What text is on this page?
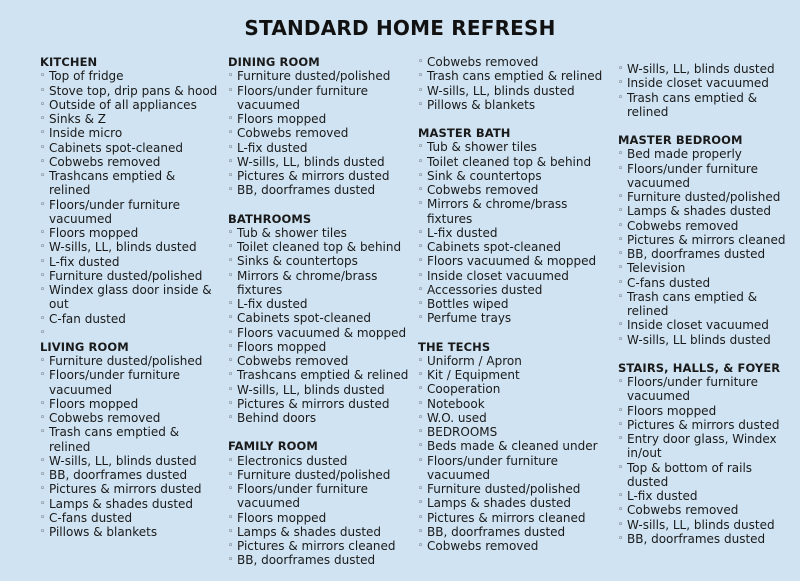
STANDARD HOME REFRESH
KITCHEN
◦ Top of fridge
◦ Stove top, drip pans & hood
◦ Outside of all appliances
◦ Sinks & Z
◦ Inside micro
◦ Cabinets spot-cleaned
◦ Cobwebs removed
◦ Trashcans emptied & relined
◦ Floors/under furniture vacuumed
◦ Floors mopped
◦ W-sills, LL, blinds dusted
◦ L-fix dusted
◦ Furniture dusted/polished
◦ Windex glass door inside & out
◦ C-fan dusted
◦
LIVING ROOM
◦ Furniture dusted/polished
◦ Floors/under furniture vacuumed
◦ Floors mopped
◦ Cobwebs removed
◦ Trash cans emptied & relined
◦ W-sills, LL, blinds dusted
◦ BB, doorframes dusted
◦ Pictures & mirrors dusted
◦ Lamps & shades dusted
◦ C-fans dusted
◦ Pillows & blankets
DINING ROOM
◦ Furniture dusted/polished
◦ Floors/under furniture vacuumed
◦ Floors mopped
◦ Cobwebs removed
◦ L-fix dusted
◦ W-sills, LL, blinds dusted
◦ Pictures & mirrors dusted
◦ BB, doorframes dusted
BATHROOMS
◦ Tub & shower tiles
◦ Toilet cleaned top & behind
◦ Sinks & countertops
◦ Mirrors & chrome/brass fixtures
◦ L-fix dusted
◦ Cabinets spot-cleaned
◦ Floors vacuumed & mopped
◦ Floors mopped
◦ Cobwebs removed
◦ Trashcans emptied & relined
◦ W-sills, LL, blinds dusted
◦ Pictures & mirrors dusted
◦ Behind doors
FAMILY ROOM
◦ Electronics dusted
◦ Furniture dusted/polished
◦ Floors/under furniture vacuumed
◦ Floors mopped
◦ Lamps & shades dusted
◦ Pictures & mirrors cleaned
◦ BB, doorframes dusted
◦ Cobwebs removed
◦ Trash cans emptied & relined
◦ W-sills, LL, blinds dusted
◦ Pillows & blankets
MASTER BATH
◦ Tub & shower tiles
◦ Toilet cleaned top & behind
◦ Sink & countertops
◦ Cobwebs removed
◦ Mirrors & chrome/brass fixtures
◦ L-fix dusted
◦ Cabinets spot-cleaned
◦ Floors vacuumed & mopped
◦ Inside closet vacuumed
◦ Accessories dusted
◦ Bottles wiped
◦ Perfume trays
THE TECHS
◦ Uniform / Apron
◦ Kit / Equipment
◦ Cooperation
◦ Notebook
◦ W.O. used
◦ BEDROOMS
◦ Beds made & cleaned under
◦ Floors/under furniture vacuumed
◦ Furniture dusted/polished
◦ Lamps & shades dusted
◦ Pictures & mirrors cleaned
◦ BB, doorframes dusted
◦ Cobwebs removed
◦ W-sills, LL, blinds dusted
◦ Inside closet vacuumed
◦ Trash cans emptied & relined
MASTER BEDROOM
◦ Bed made properly
◦ Floors/under furniture vacuumed
◦ Furniture dusted/polished
◦ Lamps & shades dusted
◦ Cobwebs removed
◦ Pictures & mirrors cleaned
◦ BB, doorframes dusted
◦ Television
◦ C-fans dusted
◦ Trash cans emptied & relined
◦ Inside closet vacuumed
◦ W-sills, LL blinds dusted
STAIRS, HALLS, & FOYER
◦ Floors/under furniture vacuumed
◦ Floors mopped
◦ Pictures & mirrors dusted
◦ Entry door glass, Windex in/out
◦ Top & bottom of rails dusted
◦ L-fix dusted
◦ Cobwebs removed
◦ W-sills, LL, blinds dusted
◦ BB, doorframes dusted
